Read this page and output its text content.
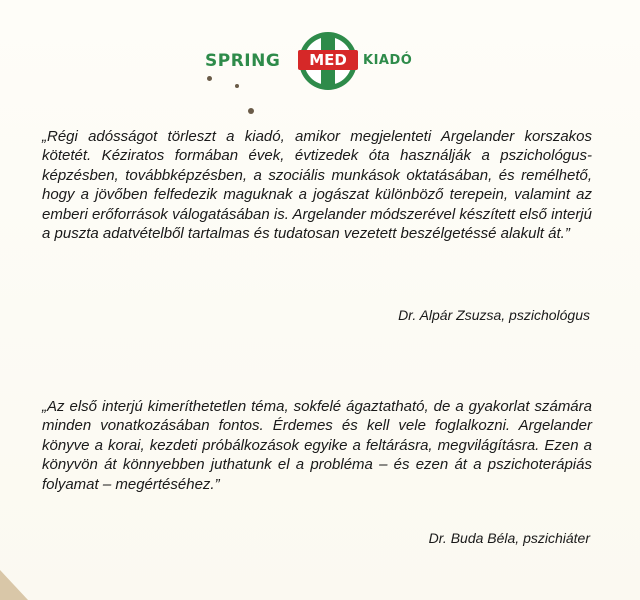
SPRING	MED	KIADÓ

„Régi adósságot törleszt a kiadó, amikor megjelenteti Argelander korszakos kötetét. Kéziratos formában évek, évtizedek óta használják a pszichológus-képzésben, továbbképzésben, a szociális munkások oktatásában, és remélhető, hogy a jövőben felfedezik maguknak a jogászat különböző terepein, valamint az emberi erőforrások válogatásában is. Argelander módszerével készített első interjú a puszta adatvételből tartalmas és tudatosan vezetett beszélgetéssé alakult át.”

Dr. Alpár Zsuzsa, pszichológus

„Az első interjú kimeríthetetlen téma, sokfelé ágaztatható, de a gyakorlat számára minden vonatkozásában fontos. Érdemes és kell vele foglalkozni. Argelander könyve a korai, kezdeti próbálkozások egyike a feltárásra, megvilágításra. Ezen a könyvön át könnyebben juthatunk el a probléma – és ezen át a pszichoterápiás folyamat – megértéséhez.”

Dr. Buda Béla, pszichiáter
